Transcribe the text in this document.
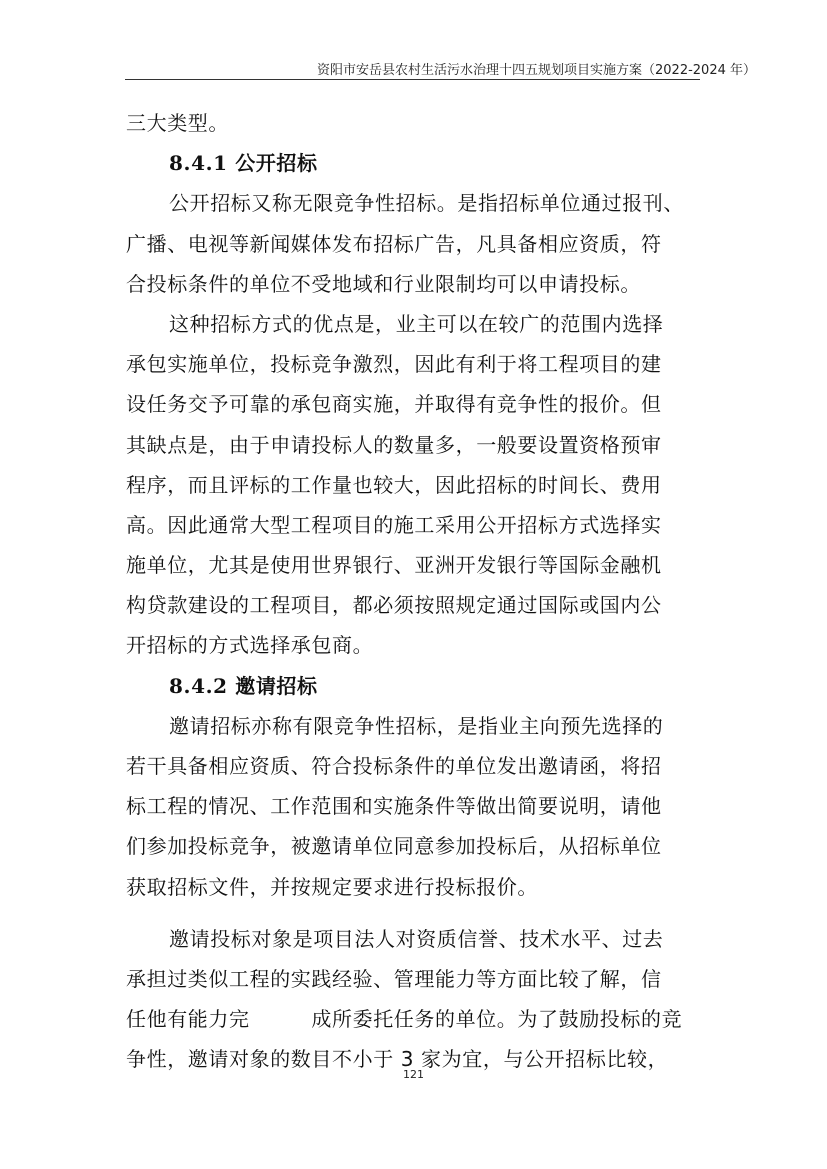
资阳市安岳县农村生活污水治理十四五规划项目实施方案（2022-2024 年）
三大类型。
8.4.1 公开招标
公开招标又称无限竞争性招标。是指招标单位通过报刊、
广播、电视等新闻媒体发布招标广告，凡具备相应资质，符
合投标条件的单位不受地域和行业限制均可以申请投标。
这种招标方式的优点是，业主可以在较广的范围内选择
承包实施单位，投标竞争激烈，因此有利于将工程项目的建
设任务交予可靠的承包商实施，并取得有竞争性的报价。但
其缺点是，由于申请投标人的数量多，一般要设置资格预审
程序，而且评标的工作量也较大，因此招标的时间长、费用
高。因此通常大型工程项目的施工采用公开招标方式选择实
施单位，尤其是使用世界银行、亚洲开发银行等国际金融机
构贷款建设的工程项目，都必须按照规定通过国际或国内公
开招标的方式选择承包商。
8.4.2 邀请招标
邀请招标亦称有限竞争性招标，是指业主向预先选择的
若干具备相应资质、符合投标条件的单位发出邀请函，将招
标工程的情况、工作范围和实施条件等做出简要说明，请他
们参加投标竞争，被邀请单位同意参加投标后，从招标单位
获取招标文件，并按规定要求进行投标报价。
邀请投标对象是项目法人对资质信誉、技术水平、过去
承担过类似工程的实践经验、管理能力等方面比较了解，信
任他有能力完　　　成所委托任务的单位。为了鼓励投标的竞
争性，邀请对象的数目不小于 3 家为宜，与公开招标比较，
121
